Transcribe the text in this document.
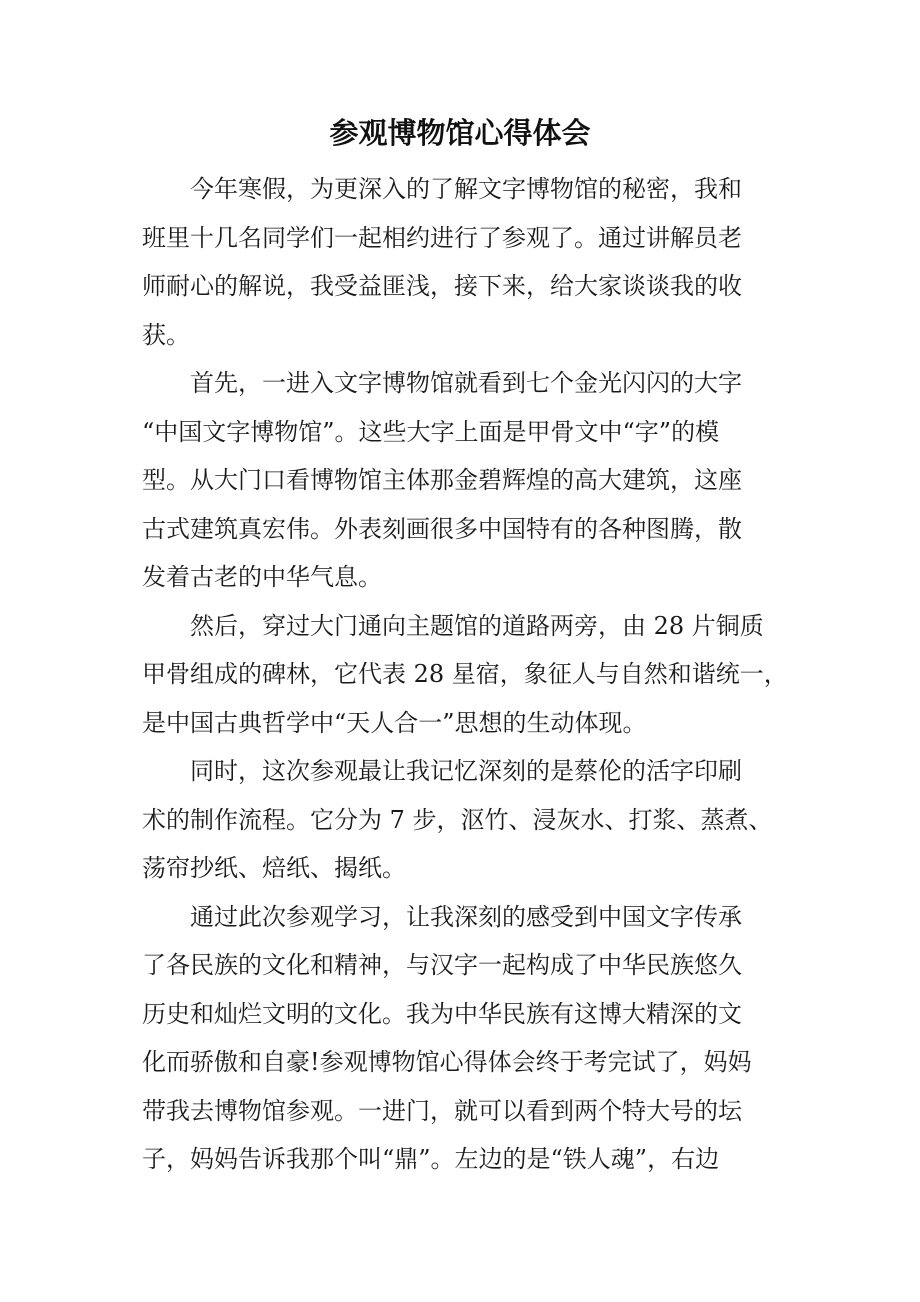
参观博物馆心得体会

今年寒假，为更深入的了解文字博物馆的秘密，我和
班里十几名同学们一起相约进行了参观了。通过讲解员老
师耐心的解说，我受益匪浅，接下来，给大家谈谈我的收
获。

首先，一进入文字博物馆就看到七个金光闪闪的大字
“中国文字博物馆”。这些大字上面是甲骨文中“字”的模
型。从大门口看博物馆主体那金碧辉煌的高大建筑，这座
古式建筑真宏伟。外表刻画很多中国特有的各种图腾，散
发着古老的中华气息。

然后，穿过大门通向主题馆的道路两旁，由 28 片铜质
甲骨组成的碑林，它代表 28 星宿，象征人与自然和谐统一，
是中国古典哲学中“天人合一”思想的生动体现。

同时，这次参观最让我记忆深刻的是蔡伦的活字印刷
术的制作流程。它分为 7 步，沤竹、浸灰水、打浆、蒸煮、
荡帘抄纸、焙纸、揭纸。

通过此次参观学习，让我深刻的感受到中国文字传承
了各民族的文化和精神，与汉字一起构成了中华民族悠久
历史和灿烂文明的文化。我为中华民族有这博大精深的文
化而骄傲和自豪!参观博物馆心得体会终于考完试了，妈妈
带我去博物馆参观。一进门，就可以看到两个特大号的坛
子，妈妈告诉我那个叫“鼎”。左边的是“铁人魂”，右边
